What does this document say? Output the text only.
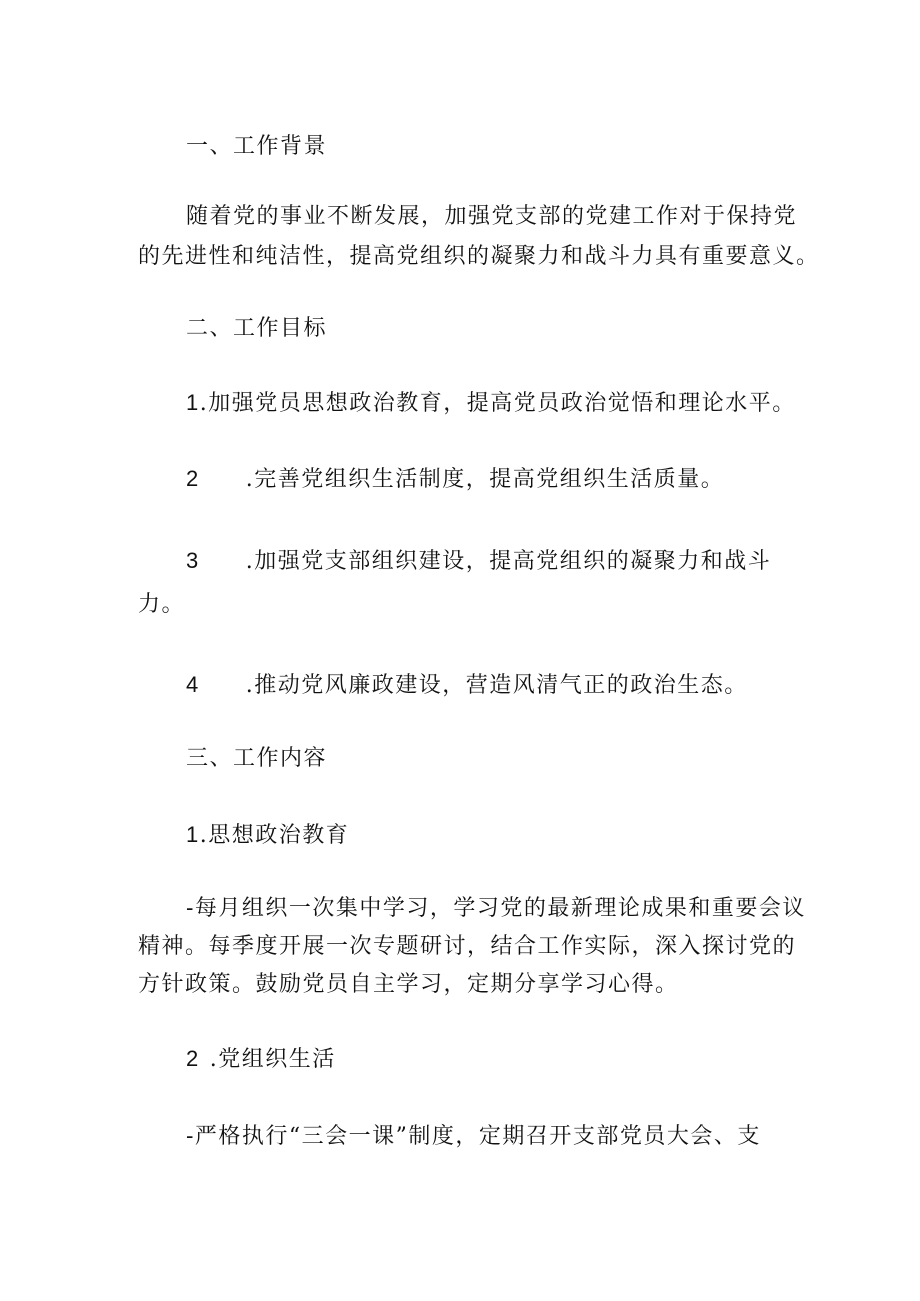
一、工作背景
随着党的事业不断发展，加强党支部的党建工作对于保持党
的先进性和纯洁性，提高党组织的凝聚力和战斗力具有重要意义。
二、工作目标
1.加强党员思想政治教育，提高党员政治觉悟和理论水平。
2 .完善党组织生活制度，提高党组织生活质量。
3 .加强党支部组织建设，提高党组织的凝聚力和战斗
力。
4 .推动党风廉政建设，营造风清气正的政治生态。
三、工作内容
1.思想政治教育
-每月组织一次集中学习，学习党的最新理论成果和重要会议
精神。每季度开展一次专题研讨，结合工作实际，深入探讨党的
方针政策。鼓励党员自主学习，定期分享学习心得。
2 .党组织生活
-严格执行“三会一课”制度，定期召开支部党员大会、支
